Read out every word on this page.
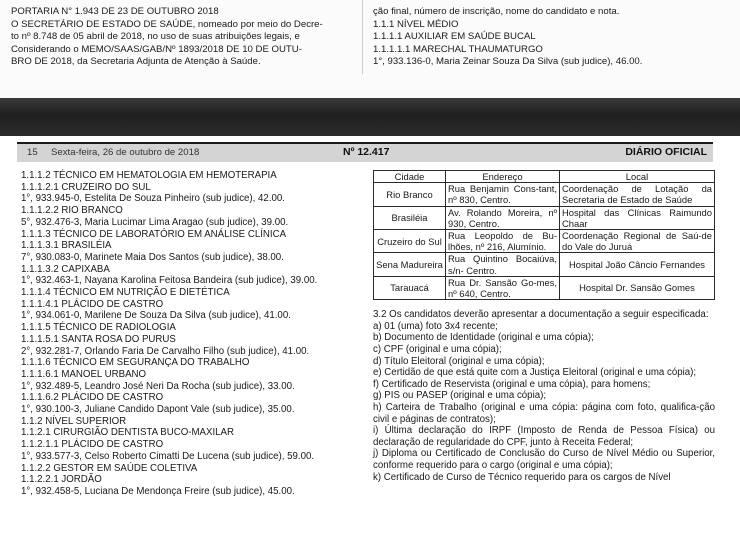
PORTARIA N° 1.943 DE 23 DE OUTUBRO 2018
O SECRETÁRIO DE ESTADO DE SAÚDE, nomeado por meio do Decre-
to nº 8.748 de 05 abril de 2018, no uso de suas atribuições legais, e
Considerando o MEMO/SAAS/GAB/Nº 1893/2018 DE 10 DE OUTU-
BRO DE 2018, da Secretaria Adjunta de Atenção à Saúde.
ção final, número de inscrição, nome do candidato e nota.
1.1.1 NÍVEL MÉDIO
1.1.1.1 AUXILIAR EM SAÚDE BUCAL
1.1.1.1.1 MARECHAL THAUMATURGO
1°, 933.136-0, Maria Zeinar Souza Da Silva (sub judice), 46.00.
15 Sexta-feira, 26 de outubro de 2018	Nº 12.417	DIÁRIO OFICIAL
1.1.1.2 TÉCNICO EM HEMATOLOGIA EM HEMOTERAPIA
1.1.1.2.1 CRUZEIRO DO SUL
1°, 933.945-0, Estelita De Souza Pinheiro (sub judice), 42.00.
1.1.1.2.2 RIO BRANCO
5°, 932.476-3, Maria Lucimar Lima Aragao (sub judice), 39.00.
1.1.1.3 TÉCNICO DE LABORATÓRIO EM ANÁLISE CLÍNICA
1.1.1.3.1 BRASILÉIA
7°, 930.083-0, Marinete Maia Dos Santos (sub judice), 38.00.
1.1.1.3.2 CAPIXABA
1°, 932.463-1, Nayana Karolina Feitosa Bandeira (sub judice), 39.00.
1.1.1.4 TÉCNICO EM NUTRIÇÃO E DIETÉTICA
1.1.1.4.1 PLÁCIDO DE CASTRO
1°, 934.061-0, Marilene De Souza Da Silva (sub judice), 41.00.
1.1.1.5 TÉCNICO DE RADIOLOGIA
1.1.1.5.1 SANTA ROSA DO PURUS
2°, 932.281-7, Orlando Faria De Carvalho Filho (sub judice), 41.00.
1.1.1.6 TÉCNICO EM SEGURANÇA DO TRABALHO
1.1.1.6.1 MANOEL URBANO
1°, 932.489-5, Leandro José Neri Da Rocha (sub judice), 33.00.
1.1.1.6.2 PLÁCIDO DE CASTRO
1°, 930.100-3, Juliane Candido Dapont Vale (sub judice), 35.00.
1.1.2 NÍVEL SUPERIOR
1.1.2.1 CIRURGIÃO DENTISTA BUCO-MAXILAR
1.1.2.1.1 PLÁCIDO DE CASTRO
1°, 933.577-3, Celso Roberto Cimatti De Lucena (sub judice), 59.00.
1.1.2.2 GESTOR EM SAÚDE COLETIVA
1.1.2.2.1 JORDÃO
1°, 932.458-5, Luciana De Mendonça Freire (sub judice), 45.00.
Cidade	Endereço	Local
Rio Branco	Rua Benjamin Cons-tant, nº 830, Centro.	Coordenação de Lotação da Secretaria de Estado de Saúde
Brasiléia	Av. Rolando Moreira, nº 930, Centro.	Hospital das Clínicas Raimundo Chaar
Cruzeiro do Sul	Rua Leopoldo de Bu-lhões, nº 216, Alumínio.	Coordenação Regional de Saú-de do Vale do Juruá
Sena Madureira	Rua Quintino Bocaiúva, s/n- Centro.	Hospital João Câncio Fernandes
Tarauacá	Rua Dr. Sansão Go-mes, nº 640, Centro.	Hospital Dr. Sansão Gomes

3.2 Os candidatos deverão apresentar a documentação a seguir especificada:

a) 01 (uma) foto 3x4 recente;

b) Documento de Identidade (original e uma cópia);

c) CPF (original e uma cópia);

d) Título Eleitoral (original e uma cópia);

e) Certidão de que está quite com a Justiça Eleitoral (original e uma cópia);

f) Certificado de Reservista (original e uma cópia), para homens;

g) PIS ou PASEP (original e uma cópia);

h) Carteira de Trabalho (original e uma cópia: página com foto, qualifica-ção civil e páginas de contratos);

i) Última declaração do IRPF (Imposto de Renda de Pessoa Física) ou declaração de regularidade do CPF, junto à Receita Federal;

j) Diploma ou Certificado de Conclusão do Curso de Nível Médio ou Superior, conforme requerido para o cargo (original e uma cópia);

k) Certificado de Curso de Técnico requerido para os cargos de Nível
